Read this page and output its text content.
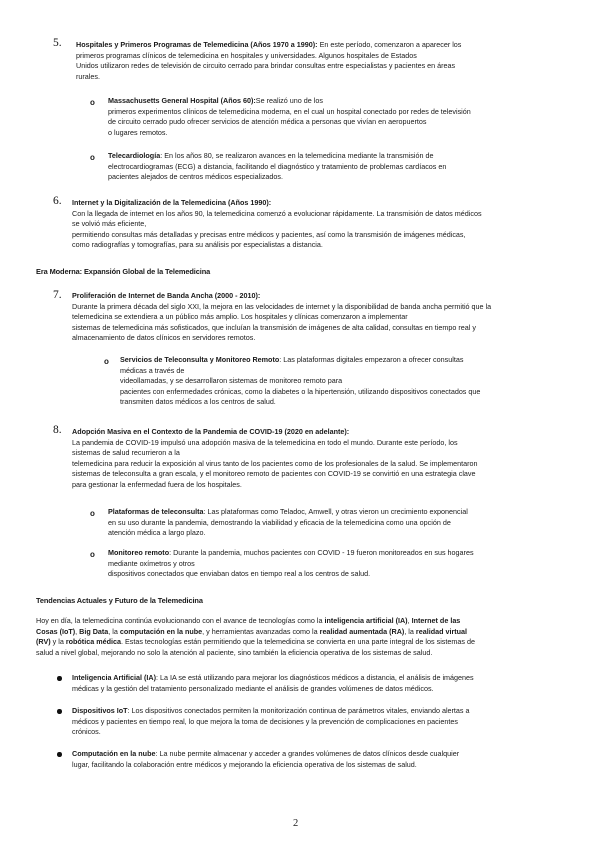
5. Hospitales y Primeros Programas de Telemedicina (Años 1970 a 1990): En este período, comenzaron a aparecer los
primeros programas clínicos de telemedicina en hospitales y universidades. Algunos hospitales de Estados
Unidos utilizaron redes de televisión de circuito cerrado para brindar consultas entre especialistas y pacientes en áreas
rurales.
o Massachusetts General Hospital (Años 60):Se realizó uno de los
primeros experimentos clínicos de telemedicina moderna, en el cual un hospital conectado por redes de televisión
de circuito cerrado pudo ofrecer servicios de atención médica a personas que vivían en aeropuertos
o lugares remotos.
o Telecardiología: En los años 80, se realizaron avances en la telemedicina mediante la transmisión de
electrocardiogramas (ECG) a distancia, facilitando el diagnóstico y tratamiento de problemas cardíacos en
pacientes alejados de centros médicos especializados.
6. Internet y la Digitalización de la Telemedicina (Años 1990):
Con la llegada de internet en los años 90, la telemedicina comenzó a evolucionar rápidamente. La transmisión de datos médicos
se volvió más eficiente,
permitiendo consultas más detalladas y precisas entre médicos y pacientes, así como la transmisión de imágenes médicas,
como radiografías y tomografías, para su análisis por especialistas a distancia.
Era Moderna: Expansión Global de la Telemedicina
7. Proliferación de Internet de Banda Ancha (2000 - 2010):
Durante la primera década del siglo XXI, la mejora en las velocidades de internet y la disponibilidad de banda ancha permitió que la
telemedicina se extendiera a un público más amplio. Los hospitales y clínicas comenzaron a implementar
sistemas de telemedicina más sofisticados, que incluían la transmisión de imágenes de alta calidad, consultas en tiempo real y
almacenamiento de datos clínicos en servidores remotos.
o Servicios de Teleconsulta y Monitoreo Remoto: Las plataformas digitales empezaron a ofrecer consultas
médicas a través de
videollamadas, y se desarrollaron sistemas de monitoreo remoto para
pacientes con enfermedades crónicas, como la diabetes o la hipertensión, utilizando dispositivos conectados que
transmiten datos médicos a los centros de salud.
8. Adopción Masiva en el Contexto de la Pandemia de COVID-19 (2020 en adelante):
La pandemia de COVID-19 impulsó una adopción masiva de la telemedicina en todo el mundo. Durante este período, los
sistemas de salud recurrieron a la
telemedicina para reducir la exposición al virus tanto de los pacientes como de los profesionales de la salud. Se implementaron
sistemas de teleconsulta a gran escala, y el monitoreo remoto de pacientes con COVID-19 se convirtió en una estrategia clave
para gestionar la enfermedad fuera de los hospitales.
o Plataformas de teleconsulta: Las plataformas como Teladoc, Amwell, y otras vieron un crecimiento exponencial
en su uso durante la pandemia, demostrando la viabilidad y eficacia de la telemedicina como una opción de
atención médica a largo plazo.
o Monitoreo remoto: Durante la pandemia, muchos pacientes con COVID - 19 fueron monitoreados en sus hogares
mediante oxímetros y otros
dispositivos conectados que enviaban datos en tiempo real a los centros de salud.
Tendencias Actuales y Futuro de la Telemedicina
Hoy en día, la telemedicina continúa evolucionando con el avance de tecnologías como la inteligencia artificial (IA), Internet de las
Cosas (IoT), Big Data, la computación en la nube, y herramientas avanzadas como la realidad aumentada (RA), la realidad virtual
(RV) y la robótica médica. Estas tecnologías están permitiendo que la telemedicina se convierta en una parte integral de los sistemas de
salud a nivel global, mejorando no solo la atención al paciente, sino también la eficiencia operativa de los sistemas de salud.
Inteligencia Artificial (IA): La IA se está utilizando para mejorar los diagnósticos médicos a distancia, el análisis de imágenes
médicas y la gestión del tratamiento personalizado mediante el análisis de grandes volúmenes de datos médicos.
Dispositivos IoT: Los dispositivos conectados permiten la monitorización continua de parámetros vitales, enviando alertas a
médicos y pacientes en tiempo real, lo que mejora la toma de decisiones y la prevención de complicaciones en pacientes
crónicos.
Computación en la nube: La nube permite almacenar y acceder a grandes volúmenes de datos clínicos desde cualquier
lugar, facilitando la colaboración entre médicos y mejorando la eficiencia operativa de los sistemas de salud.
2
